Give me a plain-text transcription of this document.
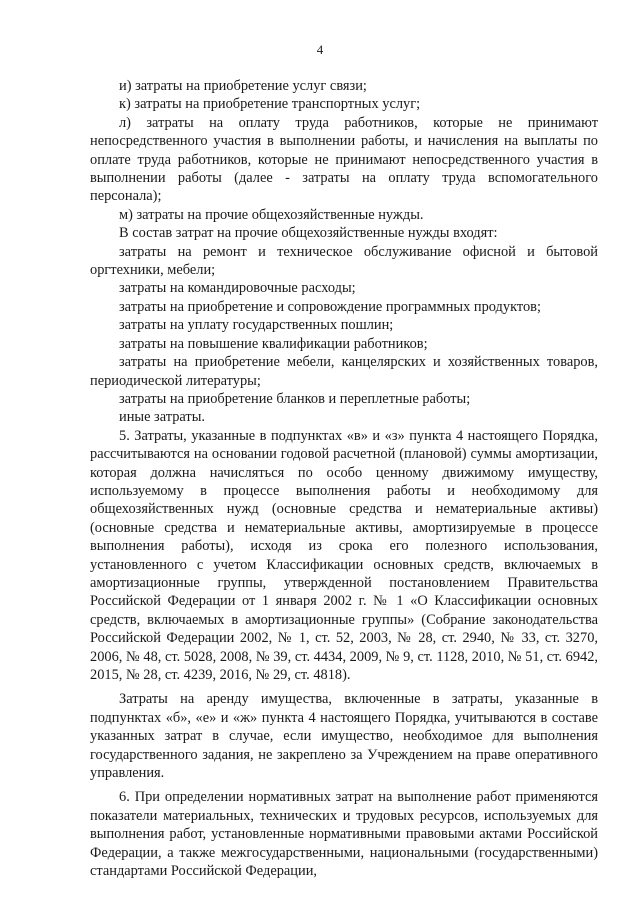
4

и) затраты на приобретение услуг связи;

к) затраты на приобретение транспортных услуг;

л) затраты на оплату труда работников, которые не принимают непосредственного участия в выполнении работы, и начисления на выплаты по оплате труда работников, которые не принимают непосредственного участия в выполнении работы (далее - затраты на оплату труда вспомогательного персонала);

м) затраты на прочие общехозяйственные нужды.

В состав затрат на прочие общехозяйственные нужды входят:

затраты на ремонт и техническое обслуживание офисной и бытовой оргтехники, мебели;

затраты на командировочные расходы;

затраты на приобретение и сопровождение программных продуктов;

затраты на уплату государственных пошлин;

затраты на повышение квалификации работников;

затраты на приобретение мебели, канцелярских и хозяйственных товаров, периодической литературы;

затраты на приобретение бланков и переплетные работы;

иные затраты.

5. Затраты, указанные в подпунктах «в» и «з» пункта 4 настоящего Порядка, рассчитываются на основании годовой расчетной (плановой) суммы амортизации, которая должна начисляться по особо ценному движимому имуществу, используемому в процессе выполнения работы и необходимому для общехозяйственных нужд (основные средства и нематериальные активы) (основные средства и нематериальные активы, амортизируемые в процессе выполнения работы), исходя из срока его полезного использования, установленного с учетом Классификации основных средств, включаемых в амортизационные группы, утвержденной постановлением Правительства Российской Федерации от 1 января 2002 г. № 1 «О Классификации основных средств, включаемых в амортизационные группы» (Собрание законодательства Российской Федерации 2002, № 1, ст. 52, 2003, № 28, ст. 2940, № 33, ст. 3270, 2006, № 48, ст. 5028, 2008, № 39, ст. 4434, 2009, № 9, ст. 1128, 2010, № 51, ст. 6942, 2015, № 28, ст. 4239, 2016, № 29, ст. 4818).

Затраты на аренду имущества, включенные в затраты, указанные в подпунктах «б», «е» и «ж» пункта 4 настоящего Порядка, учитываются в составе указанных затрат в случае, если имущество, необходимое для выполнения государственного задания, не закреплено за Учреждением на праве оперативного управления.

6. При определении нормативных затрат на выполнение работ применяются показатели материальных, технических и трудовых ресурсов, используемых для выполнения работ, установленные нормативными правовыми актами Российской Федерации, а также межгосударственными, национальными (государственными) стандартами Российской Федерации,
